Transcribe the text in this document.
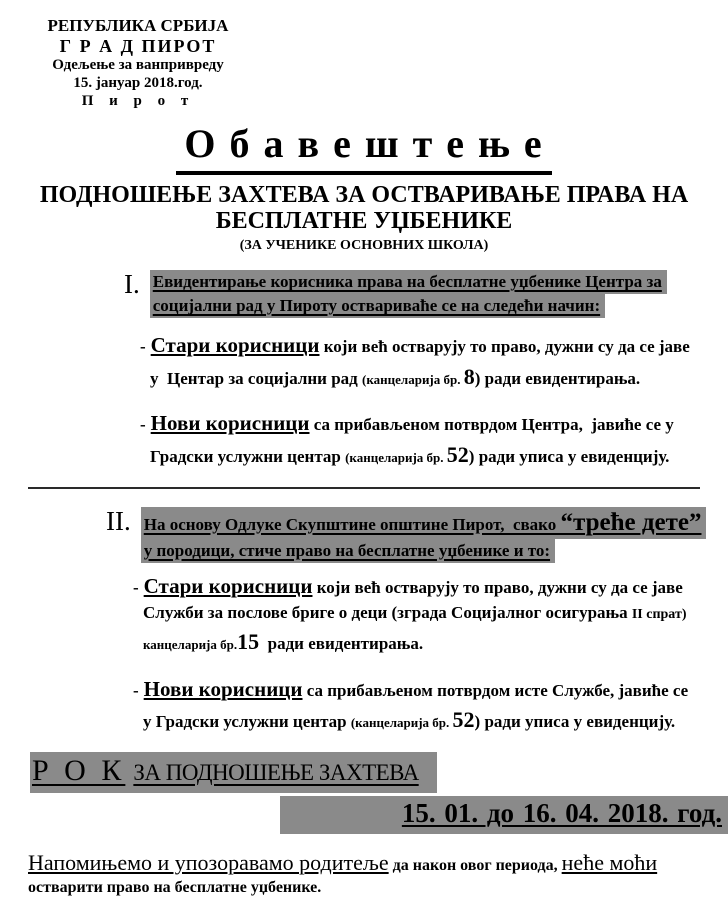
РЕПУБЛИКА СРБИЈА
Г Р А Д ПИРОТ
Одељење за ванпривреду
15. јануар 2018.год.
П и р о т
О б а в е ш т е њ е
ПОДНОШЕЊЕ ЗАХТЕВА ЗА ОСТВАРИВАЊЕ ПРАВА НА
БЕСПЛАТНЕ УЏБЕНИКЕ
(ЗА УЧЕНИКЕ ОСНОВНИХ ШКОЛА)
I. Евидентирање корисника права на бесплатне уџбенике Центра за
социјални рад у Пироту оствариваће се на следећи начин:
- Стари корисници који већ остварују то право, дужни су да се јаве
у  Центар за социјални рад (канцеларија бр. 8) ради евидентирања.
- Нови корисници са прибављеном потврдом Центра,  јавиће се у
Градски услужни центар (канцеларија бр. 52) ради уписа у евиденцију.
II. На основу Одлуке Скупштине општине Пирот,  свако “треће дете”
у породици, стиче право на бесплатне уџбенике и то:
- Стари корисници који већ остварују то право, дужни су да се јаве
Служби за послове бриге о деци (зграда Социјалног осигурања II спрат)
канцеларија бр.15  ради евидентирања.
- Нови корисници са прибављеном потврдом исте Службе, јавиће се
у Градски услужни центар (канцеларија бр. 52) ради уписа у евиденцију.
Р О К ЗА ПОДНОШЕЊЕ ЗАХТЕВА
15. 01. до 16. 04. 2018. год.
Напомињемо и упозоравамо родитеље да након овог периода, неће моћи
остварити право на бесплатне уџбенике.
